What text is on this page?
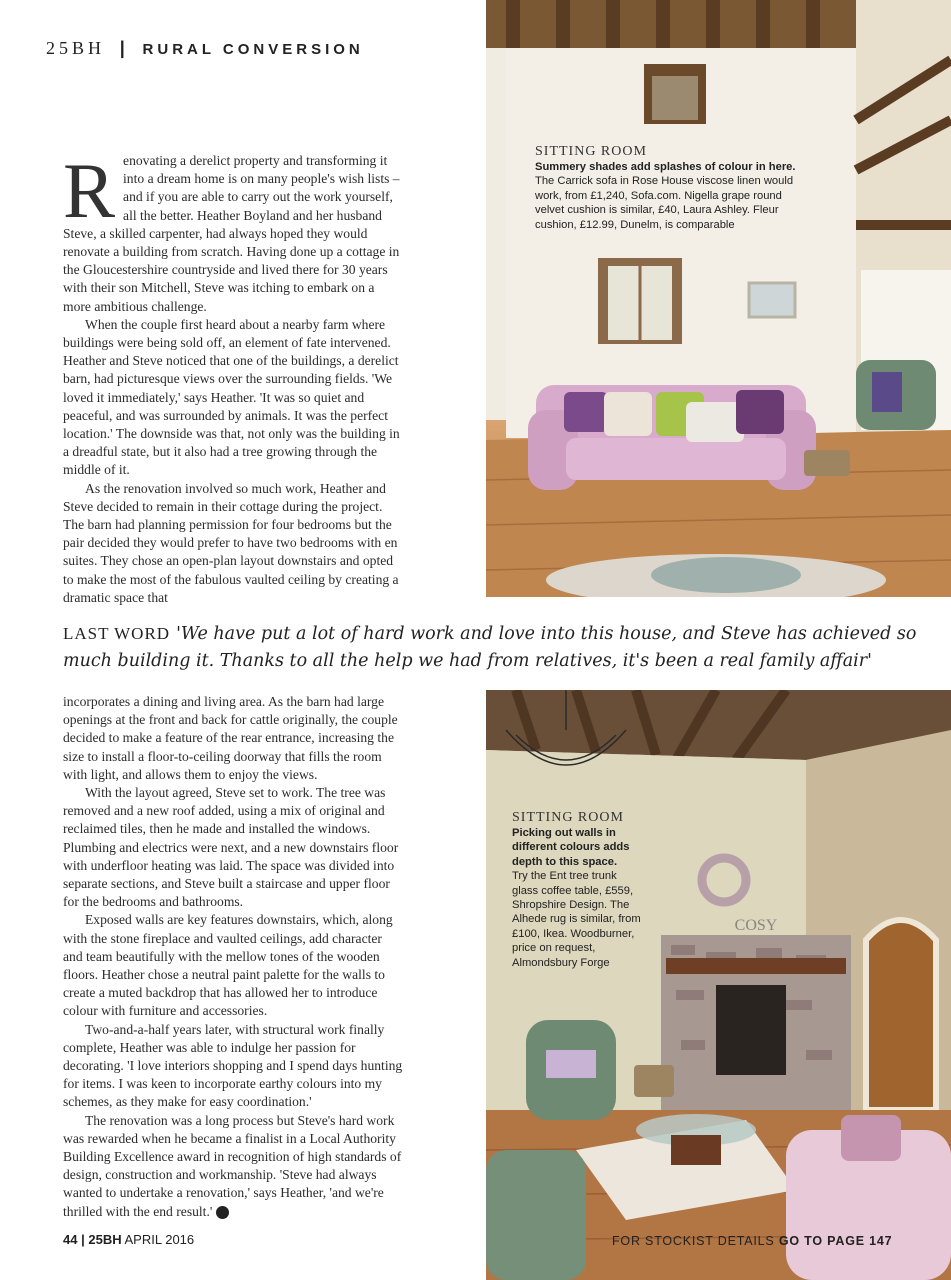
25BH | RURAL CONVERSION

Renovating a derelict property and transforming it into a dream home is on many people's wish lists – and if you are able to carry out the work yourself, all the better. Heather Boyland and her husband Steve, a skilled carpenter, had always hoped they would renovate a building from scratch. Having done up a cottage in the Gloucestershire countryside and lived there for 30 years with their son Mitchell, Steve was itching to embark on a more ambitious challenge.

When the couple first heard about a nearby farm where buildings were being sold off, an element of fate intervened. Heather and Steve noticed that one of the buildings, a derelict barn, had picturesque views over the surrounding fields. 'We loved it immediately,' says Heather. 'It was so quiet and peaceful, and was surrounded by animals. It was the perfect location.' The downside was that, not only was the building in a dreadful state, but it also had a tree growing through the middle of it.

As the renovation involved so much work, Heather and Steve decided to remain in their cottage during the project. The barn had planning permission for four bedrooms but the pair decided they would prefer to have two bedrooms with en suites. They chose an open-plan layout downstairs and opted to make the most of the fabulous vaulted ceiling by creating a dramatic space that

SITTING ROOM
Summery shades add splashes of colour in here.
The Carrick sofa in Rose House viscose linen would work, from £1,240, Sofa.com. Nigella grape round velvet cushion is similar, £40, Laura Ashley. Fleur cushion, £12.99, Dunelm, is comparable
LAST WORD 'We have put a lot of hard work and love into this house, and Steve has achieved so much building it. Thanks to all the help we had from relatives, it's been a real family affair'

incorporates a dining and living area. As the barn had large openings at the front and back for cattle originally, the couple decided to make a feature of the rear entrance, increasing the size to install a floor-to-ceiling doorway that fills the room with light, and allows them to enjoy the views.

With the layout agreed, Steve set to work. The tree was removed and a new roof added, using a mix of original and reclaimed tiles, then he made and installed the windows. Plumbing and electrics were next, and a new downstairs floor with underfloor heating was laid. The space was divided into separate sections, and Steve built a staircase and upper floor for the bedrooms and bathrooms.

Exposed walls are key features downstairs, which, along with the stone fireplace and vaulted ceilings, add character and team beautifully with the mellow tones of the wooden floors. Heather chose a neutral paint palette for the walls to create a muted backdrop that has allowed her to introduce colour with furniture and accessories.

Two-and-a-half years later, with structural work finally complete, Heather was able to indulge her passion for decorating. 'I love interiors shopping and I spend days hunting for items. I was keen to incorporate earthy colours into my schemes, as they make for easy coordination.'

The renovation was a long process but Steve's hard work was rewarded when he became a finalist in a Local Authority Building Excellence award in recognition of high standards of design, construction and workmanship. 'Steve had always wanted to undertake a renovation,' says Heather, 'and we're thrilled with the end result.'	25

COSY
SITTING ROOM
Picking out walls in different colours adds depth to this space.
Try the Ent tree trunk glass coffee table, £559, Shropshire Design. The Alhede rug is similar, from £100, Ikea. Woodburner, price on request, Almondsbury Forge
44 | 25BH APRIL 2016	FOR STOCKIST DETAILS GO TO PAGE 147
